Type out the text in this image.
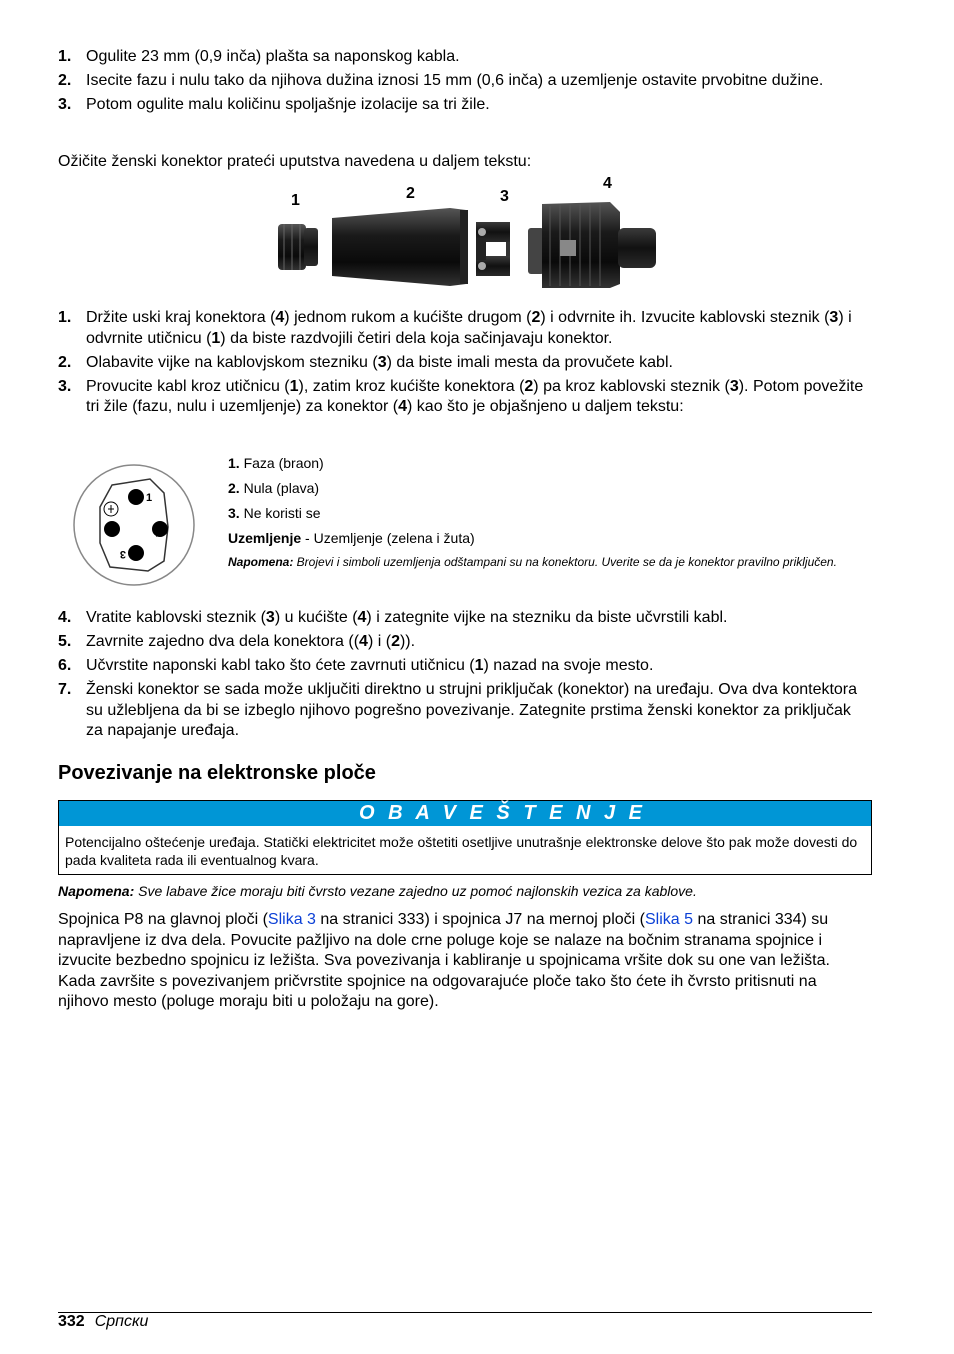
1. Ogulite 23 mm (0,9 inča) plašta sa naponskog kabla.
2. Isecite fazu i nulu tako da njihova dužina iznosi 15 mm (0,6 inča) a uzemljenje ostavite prvobitne dužine.
3. Potom ogulite malu količinu spoljašnje izolacije sa tri žile.
Ožičite ženski konektor prateći uputstva navedena u daljem tekstu:
1	2	3
4
1. Držite uski kraj konektora (4) jednom rukom a kućište drugom (2) i odvrnite ih. Izvucite kablovski steznik (3) i odvrnite utičnicu (1) da biste razdvojili četiri dela koja sačinjavaju konektor.
2. Olabavite vijke na kablovjskom stezniku (3) da biste imali mesta da provučete kabl.
3. Provucite kabl kroz utičnicu (1), zatim kroz kućište konektora (2) pa kroz kablovski steznik (3). Potom povežite tri žile (fazu, nulu i uzemljenje) za konektor (4) kao što je objašnjeno u daljem tekstu:
1
2
3
1. Faza (braon)
2. Nula (plava)
3. Ne koristi se
Uzemljenje - Uzemljenje (zelena i žuta)
Napomena: Brojevi i simboli uzemljenja odštampani su na konektoru. Uverite se da je konektor pravilno priključen.
4. Vratite kablovski steznik (3) u kućište (4) i zategnite vijke na stezniku da biste učvrstili kabl.
5. Zavrnite zajedno dva dela konektora ((4) i (2)).
6. Učvrstite naponski kabl tako što ćete zavrnuti utičnicu (1) nazad na svoje mesto.
7. Ženski konektor se sada može uključiti direktno u strujni priključak (konektor) na uređaju. Ova dva kontektora su užlebljena da bi se izbeglo njihovo pogrešno povezivanje. Zategnite prstima ženski konektor za priključak za napajanje uređaja.
Povezivanje na elektronske ploče
O B A V E Š T E N J E
Potencijalno oštećenje uređaja. Statički elektricitet može oštetiti osetljive unutrašnje elektronske delove što pak može dovesti do pada kvaliteta rada ili eventualnog kvara.
Napomena: Sve labave žice moraju biti čvrsto vezane zajedno uz pomoć najlonskih vezica za kablove.
Spojnica P8 na glavnoj ploči (Slika 3 na stranici 333) i spojnica J7 na mernoj ploči (Slika 5 na stranici 334) su napravljene iz dva dela. Povucite pažljivo na dole crne poluge koje se nalaze na bočnim stranama spojnice i izvucite bezbedno spojnicu iz ležišta. Sva povezivanja i kabliranje u spojnicama vršite dok su one van ležišta. Kada završite s povezivanjem pričvrstite spojnice na odgovarajuće ploče tako što ćete ih čvrsto pritisnuti na njihovo mesto (poluge moraju biti u položaju na gore).
332 Српски
